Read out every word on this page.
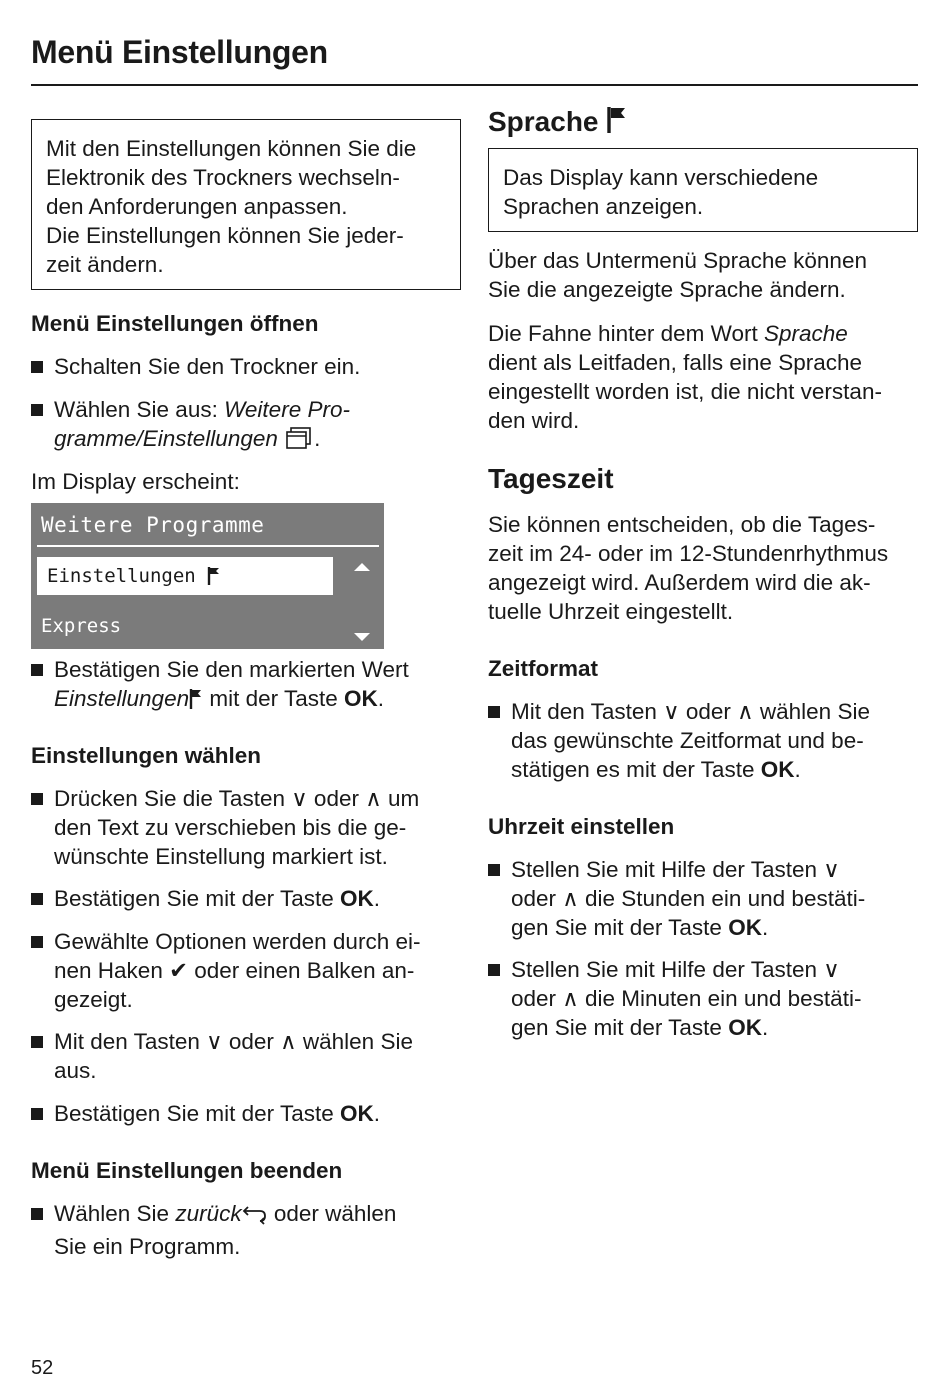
Menü Einstellungen
Mit den Einstellungen können Sie die
Elektronik des Trockners wechseln-
den Anforderungen anpassen.
Die Einstellungen können Sie jeder-
zeit ändern.
Menü Einstellungen öffnen
Schalten Sie den Trockner ein.
Wählen Sie aus: Weitere Pro-
gramme/Einstellungen .

Im Display erscheint:

Weitere Programme
Einstellungen
Express
Bestätigen Sie den markierten Wert
Einstellungen mit der Taste OK.
Einstellungen wählen
Drücken Sie die Tasten ∨ oder ∧ um
den Text zu verschieben bis die ge-
wünschte Einstellung markiert ist.
Bestätigen Sie mit der Taste OK.
Gewählte Optionen werden durch ei-
nen Haken ✔ oder einen Balken an-
gezeigt.
Mit den Tasten ∨ oder ∧ wählen Sie
aus.
Bestätigen Sie mit der Taste OK.
Menü Einstellungen beenden
Wählen Sie zurück oder wählen
Sie ein Programm.
Sprache
Das Display kann verschiedene
Sprachen anzeigen.

Über das Untermenü Sprache können
Sie die angezeigte Sprache ändern.

Die Fahne hinter dem Wort Sprache
dient als Leitfaden, falls eine Sprache
eingestellt worden ist, die nicht verstan-
den wird.

Tageszeit

Sie können entscheiden, ob die Tages-
zeit im 24- oder im 12-Stundenrhythmus
angezeigt wird. Außerdem wird die ak-
tuelle Uhrzeit eingestellt.

Zeitformat
Mit den Tasten ∨ oder ∧ wählen Sie
das gewünschte Zeitformat und be-
stätigen es mit der Taste OK.
Uhrzeit einstellen
Stellen Sie mit Hilfe der Tasten ∨
oder ∧ die Stunden ein und bestäti-
gen Sie mit der Taste OK.
Stellen Sie mit Hilfe der Tasten ∨
oder ∧ die Minuten ein und bestäti-
gen Sie mit der Taste OK.
52
